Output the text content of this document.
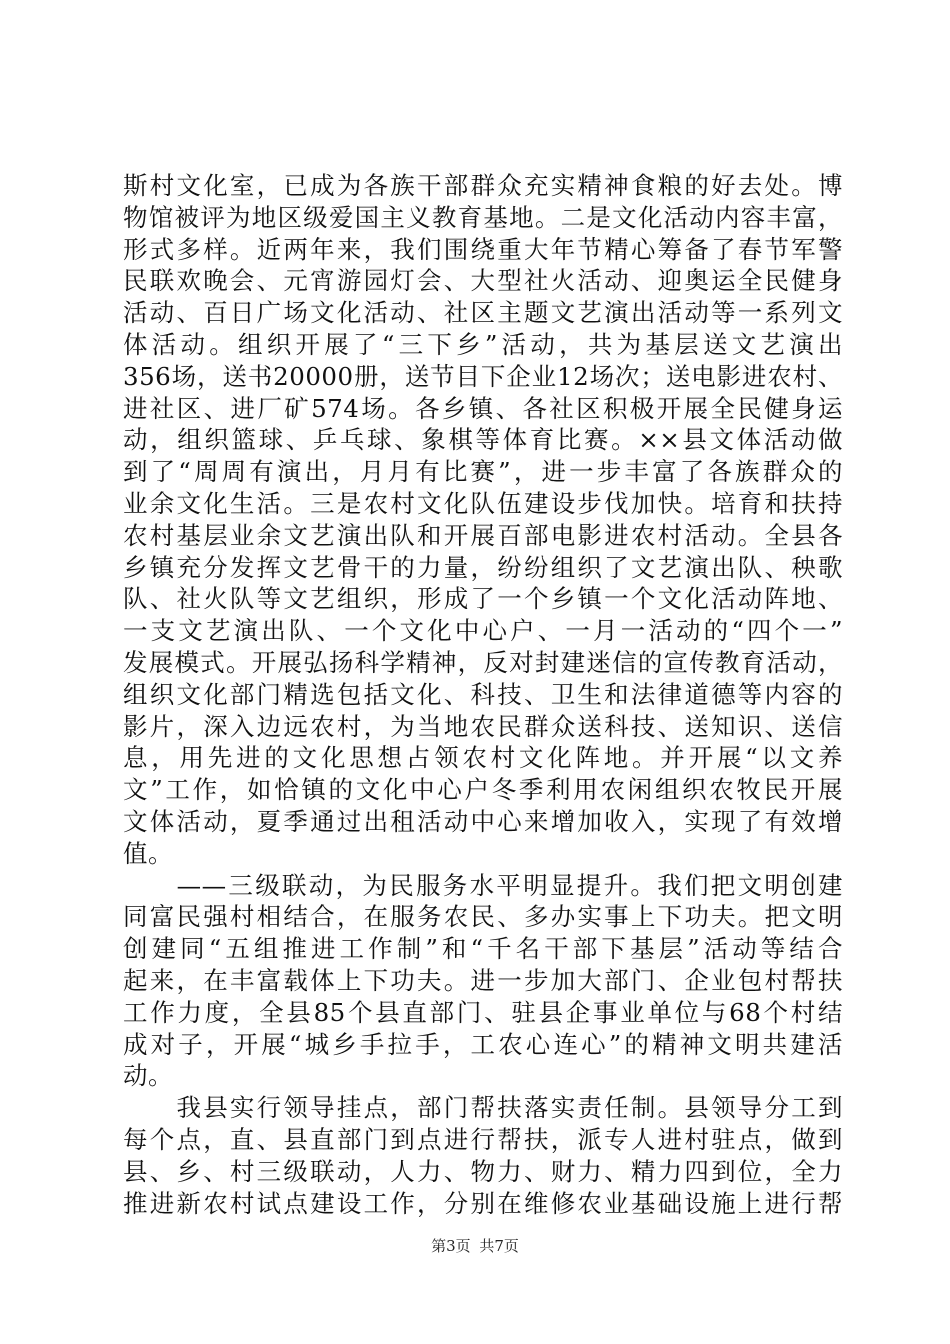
斯村文化室，已成为各族干部群众充实精神食粮的好去处。博
物馆被评为地区级爱国主义教育基地。二是文化活动内容丰富，
形式多样。近两年来，我们围绕重大年节精心筹备了春节军警
民联欢晚会、元宵游园灯会、大型社火活动、迎奥运全民健身
活动、百日广场文化活动、社区主题文艺演出活动等一系列文
体活动。组织开展了“三下乡”活动，共为基层送文艺演出
356场，送书20000册，送节目下企业12场次；送电影进农村、
进社区、进厂矿574场。各乡镇、各社区积极开展全民健身运
动，组织篮球、乒乓球、象棋等体育比赛。××县文体活动做
到了“周周有演出，月月有比赛”，进一步丰富了各族群众的
业余文化生活。三是农村文化队伍建设步伐加快。培育和扶持
农村基层业余文艺演出队和开展百部电影进农村活动。全县各
乡镇充分发挥文艺骨干的力量，纷纷组织了文艺演出队、秧歌
队、社火队等文艺组织，形成了一个乡镇一个文化活动阵地、
一支文艺演出队、一个文化中心户、一月一活动的“四个一”
发展模式。开展弘扬科学精神，反对封建迷信的宣传教育活动，
组织文化部门精选包括文化、科技、卫生和法律道德等内容的
影片，深入边远农村，为当地农民群众送科技、送知识、送信
息，用先进的文化思想占领农村文化阵地。并开展“以文养
文”工作，如恰镇的文化中心户冬季利用农闲组织农牧民开展
文体活动，夏季通过出租活动中心来增加收入，实现了有效增
值。
　　——三级联动，为民服务水平明显提升。我们把文明创建
同富民强村相结合，在服务农民、多办实事上下功夫。把文明
创建同“五组推进工作制”和“千名干部下基层”活动等结合
起来，在丰富载体上下功夫。进一步加大部门、企业包村帮扶
工作力度，全县85个县直部门、驻县企事业单位与68个村结
成对子，开展“城乡手拉手，工农心连心”的精神文明共建活
动。
　　我县实行领导挂点，部门帮扶落实责任制。县领导分工到
每个点，直、县直部门到点进行帮扶，派专人进村驻点，做到
县、乡、村三级联动，人力、物力、财力、精力四到位，全力
推进新农村试点建设工作，分别在维修农业基础设施上进行帮
第3页 共7页
